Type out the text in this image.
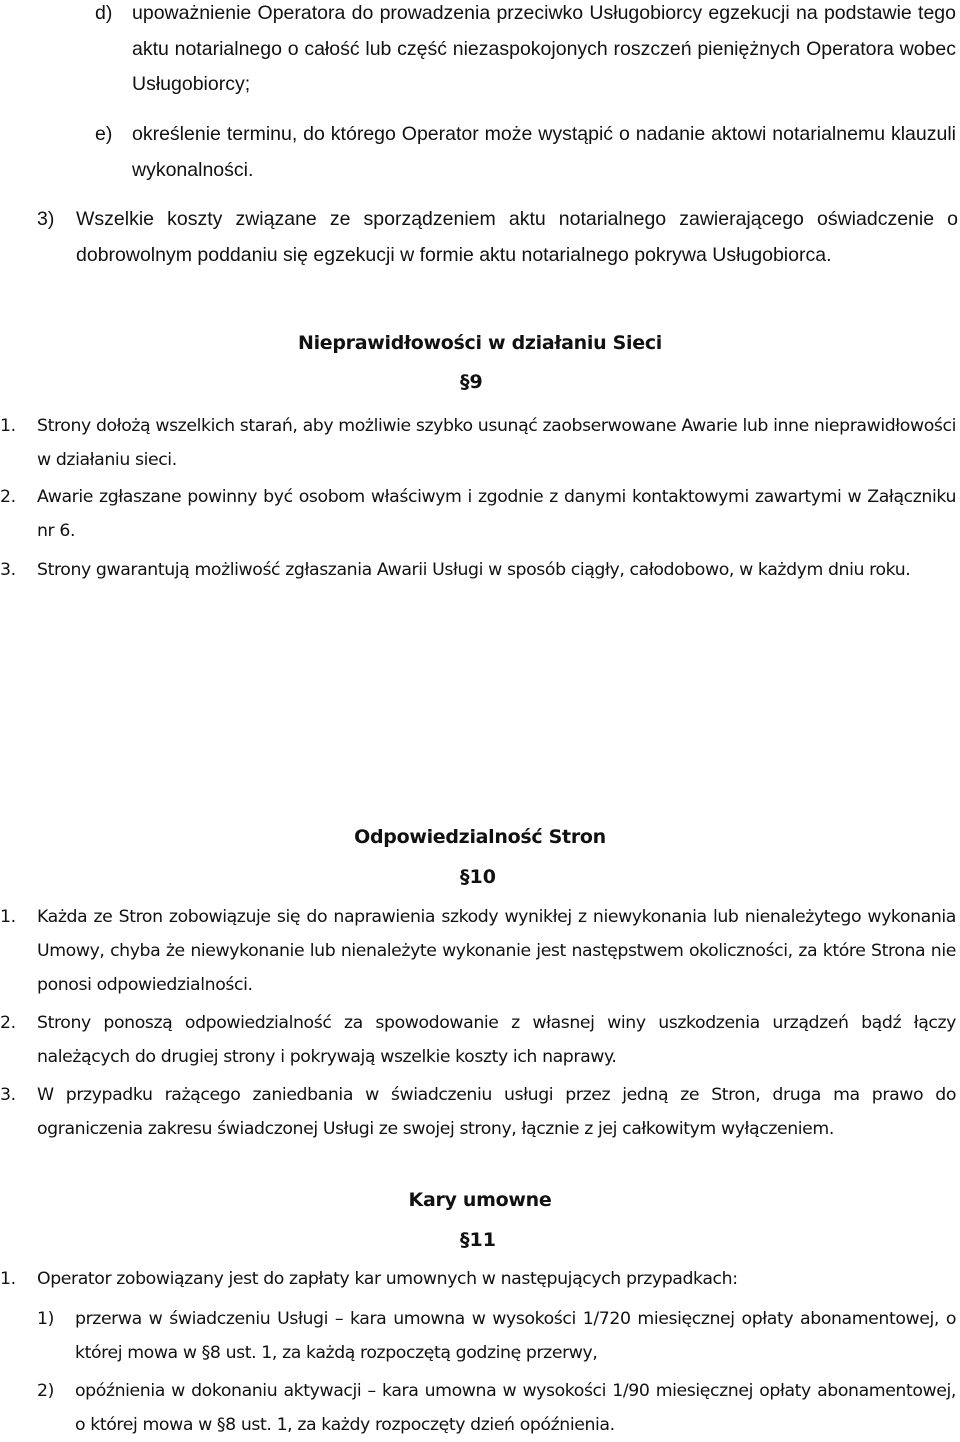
d) upoważnienie Operatora do prowadzenia przeciwko Usługobiorcy egzekucji na podstawie tego aktu notarialnego o całość lub część niezaspokojonych roszczeń pieniężnych Operatora wobec Usługobiorcy;

e) określenie terminu, do którego Operator może wystąpić o nadanie aktowi notarialnemu klauzuli wykonalności.

3) Wszelkie koszty związane ze sporządzeniem aktu notarialnego zawierającego oświadczenie o dobrowolnym poddaniu się egzekucji w formie aktu notarialnego pokrywa Usługobiorca.

Nieprawidłowości w działaniu Sieci

§9

1. Strony dołożą wszelkich starań, aby możliwie szybko usunąć zaobserwowane Awarie lub inne nieprawidłowości w działaniu sieci.

2. Awarie zgłaszane powinny być osobom właściwym i zgodnie z danymi kontaktowymi zawartymi w Załączniku nr 6.

3. Strony gwarantują możliwość zgłaszania Awarii Usługi w sposób ciągły, całodobowo, w każdym dniu roku.

Odpowiedzialność Stron

§10

1. Każda ze Stron zobowiązuje się do naprawienia szkody wynikłej z niewykonania lub nienależytego wykonania Umowy, chyba że niewykonanie lub nienależyte wykonanie jest następstwem okoliczności, za które Strona nie ponosi odpowiedzialności.

2. Strony ponoszą odpowiedzialność za spowodowanie z własnej winy uszkodzenia urządzeń bądź łączy należących do drugiej strony i pokrywają wszelkie koszty ich naprawy.

3. W przypadku rażącego zaniedbania w świadczeniu usługi przez jedną ze Stron, druga ma prawo do ograniczenia zakresu świadczonej Usługi ze swojej strony, łącznie z jej całkowitym wyłączeniem.

Kary umowne

§11

1. Operator zobowiązany jest do zapłaty kar umownych w następujących przypadkach:

1) przerwa w świadczeniu Usługi – kara umowna w wysokości 1/720 miesięcznej opłaty abonamentowej, o której mowa w §8 ust. 1, za każdą rozpoczętą godzinę przerwy,

2) opóźnienia w dokonaniu aktywacji – kara umowna w wysokości 1/90 miesięcznej opłaty abonamentowej, o której mowa w §8 ust. 1, za każdy rozpoczęty dzień opóźnienia.
